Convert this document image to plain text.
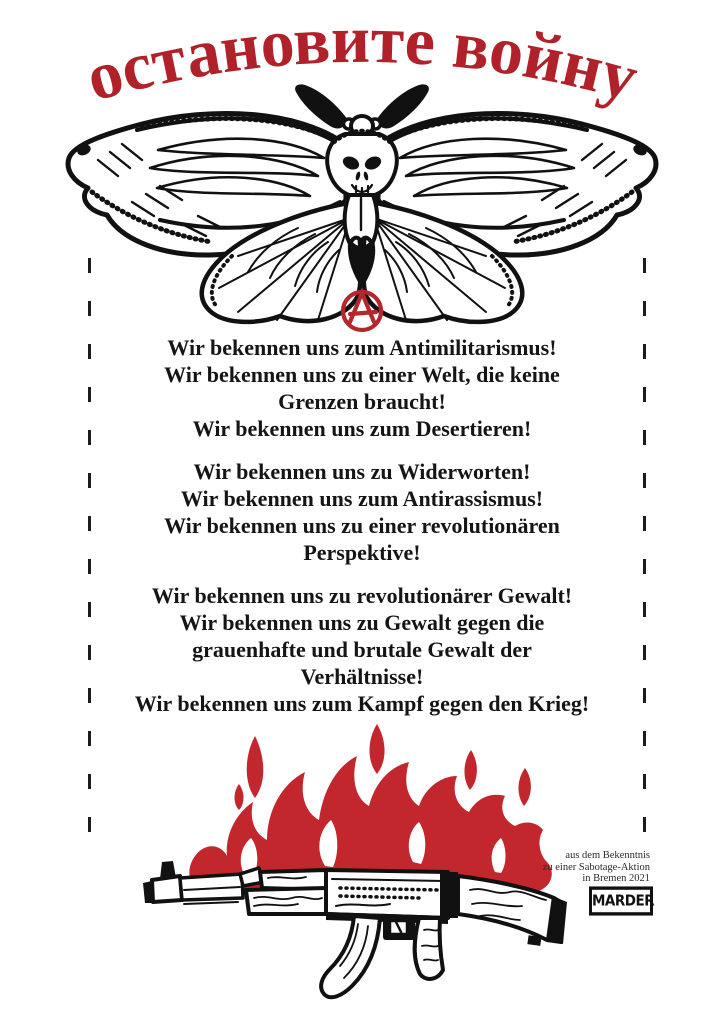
остановите войну
Wir bekennen uns zum Antimilitarismus!
Wir bekennen uns zu einer Welt, die keine
Grenzen braucht!
Wir bekennen uns zum Desertieren!
Wir bekennen uns zu Widerworten!
Wir bekennen uns zum Antirassismus!
Wir bekennen uns zu einer revolutionären
Perspektive!
Wir bekennen uns zu revolutionärer Gewalt!
Wir bekennen uns zu Gewalt gegen die
grauenhafte und brutale Gewalt der
Verhältnisse!
Wir bekennen uns zum Kampf gegen den Krieg!
aus dem Bekenntnis
zu einer Sabotage-Aktion
in Bremen 2021
MARDER
